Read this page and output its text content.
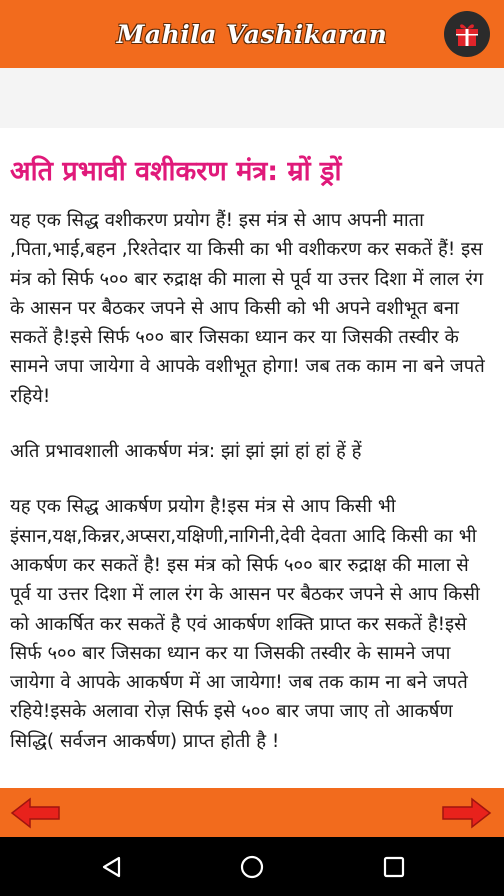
Mahila Vashikaran
अति प्रभावी वशीकरण मंत्र: म्रों ड्रों
यह एक सिद्ध वशीकरण प्रयोग हैं! इस मंत्र से आप अपनी माता ,पिता,भाई,बहन ,रिश्तेदार या किसी का भी वशीकरण कर सकतें हैं! इस मंत्र को सिर्फ ५०० बार रुद्राक्ष की माला से पूर्व या उत्तर दिशा में लाल रंग के आसन पर बैठकर जपने से आप किसी को भी अपने वशीभूत बना सकतें है!इसे सिर्फ ५०० बार जिसका ध्यान कर या जिसकी तस्वीर के सामने जपा जायेगा वे आपके वशीभूत होगा! जब तक काम ना बने जपते रहिये!
अति प्रभावशाली आकर्षण मंत्र: झां झां झां हां हां हें हें
यह एक सिद्ध आकर्षण प्रयोग है!इस मंत्र से आप किसी भी इंसान,यक्ष,किन्नर,अप्सरा,यक्षिणी,नागिनी,देवी देवता आदि किसी का भी आकर्षण कर सकतें है! इस मंत्र को सिर्फ ५०० बार रुद्राक्ष की माला से पूर्व या उत्तर दिशा में लाल रंग के आसन पर बैठकर जपने से आप किसी को आकर्षित कर सकतें है एवं आकर्षण शक्ति प्राप्त कर सकतें है!इसे सिर्फ ५०० बार जिसका ध्यान कर या जिसकी तस्वीर के सामने जपा जायेगा वे आपके आकर्षण में आ जायेगा! जब तक काम ना बने जपते रहिये!इसके अलावा रोज़ सिर्फ इसे ५०० बार जपा जाए तो आकर्षण सिद्धि( सर्वजन आकर्षण) प्राप्त होती है !
